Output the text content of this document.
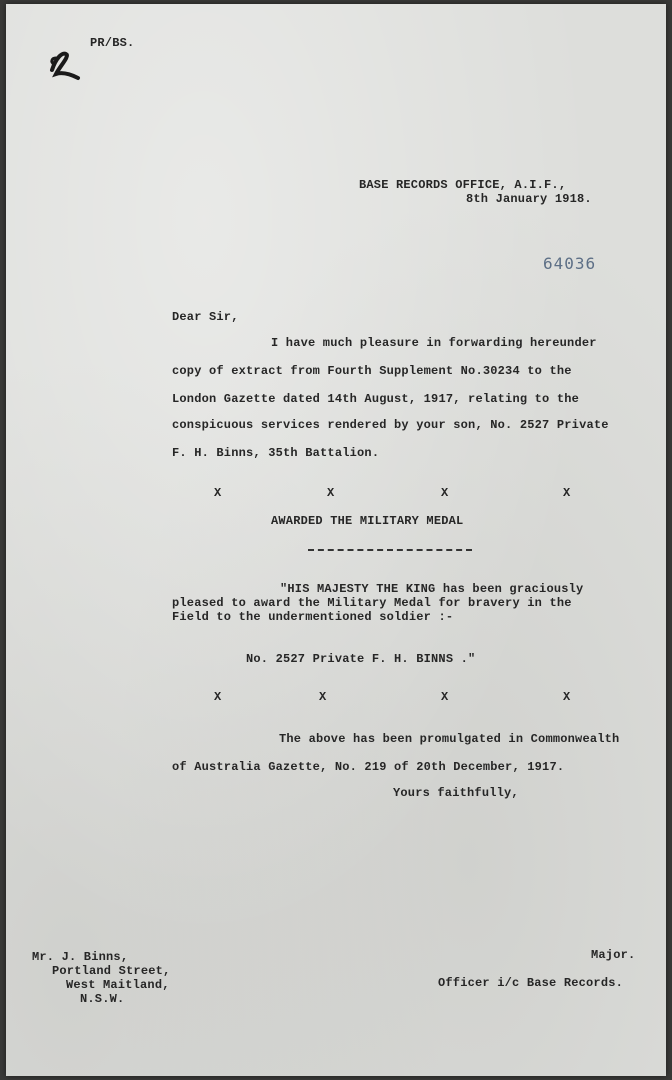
PR/BS.
BASE RECORDS OFFICE, A.I.F.,
8th January 1918.
64036
Dear Sir,
I have much pleasure in forwarding hereunder
copy of extract from Fourth Supplement No.30234 to the
London Gazette dated 14th August, 1917, relating to the
conspicuous services rendered by your son, No. 2527 Private
F. H. Binns, 35th Battalion.
X	X	X	X
AWARDED THE MILITARY MEDAL
"HIS MAJESTY THE KING has been graciously
pleased to award the Military Medal for bravery in the
Field to the undermentioned soldier :-
No. 2527 Private F. H. BINNS ."
X	X	X	X
The above has been promulgated in Commonwealth
of Australia Gazette, No. 219 of 20th December, 1917.
Yours faithfully,
Mr. J. Binns,
Portland Street,
West Maitland,
N.S.W.
Major.
Officer i/c Base Records.
